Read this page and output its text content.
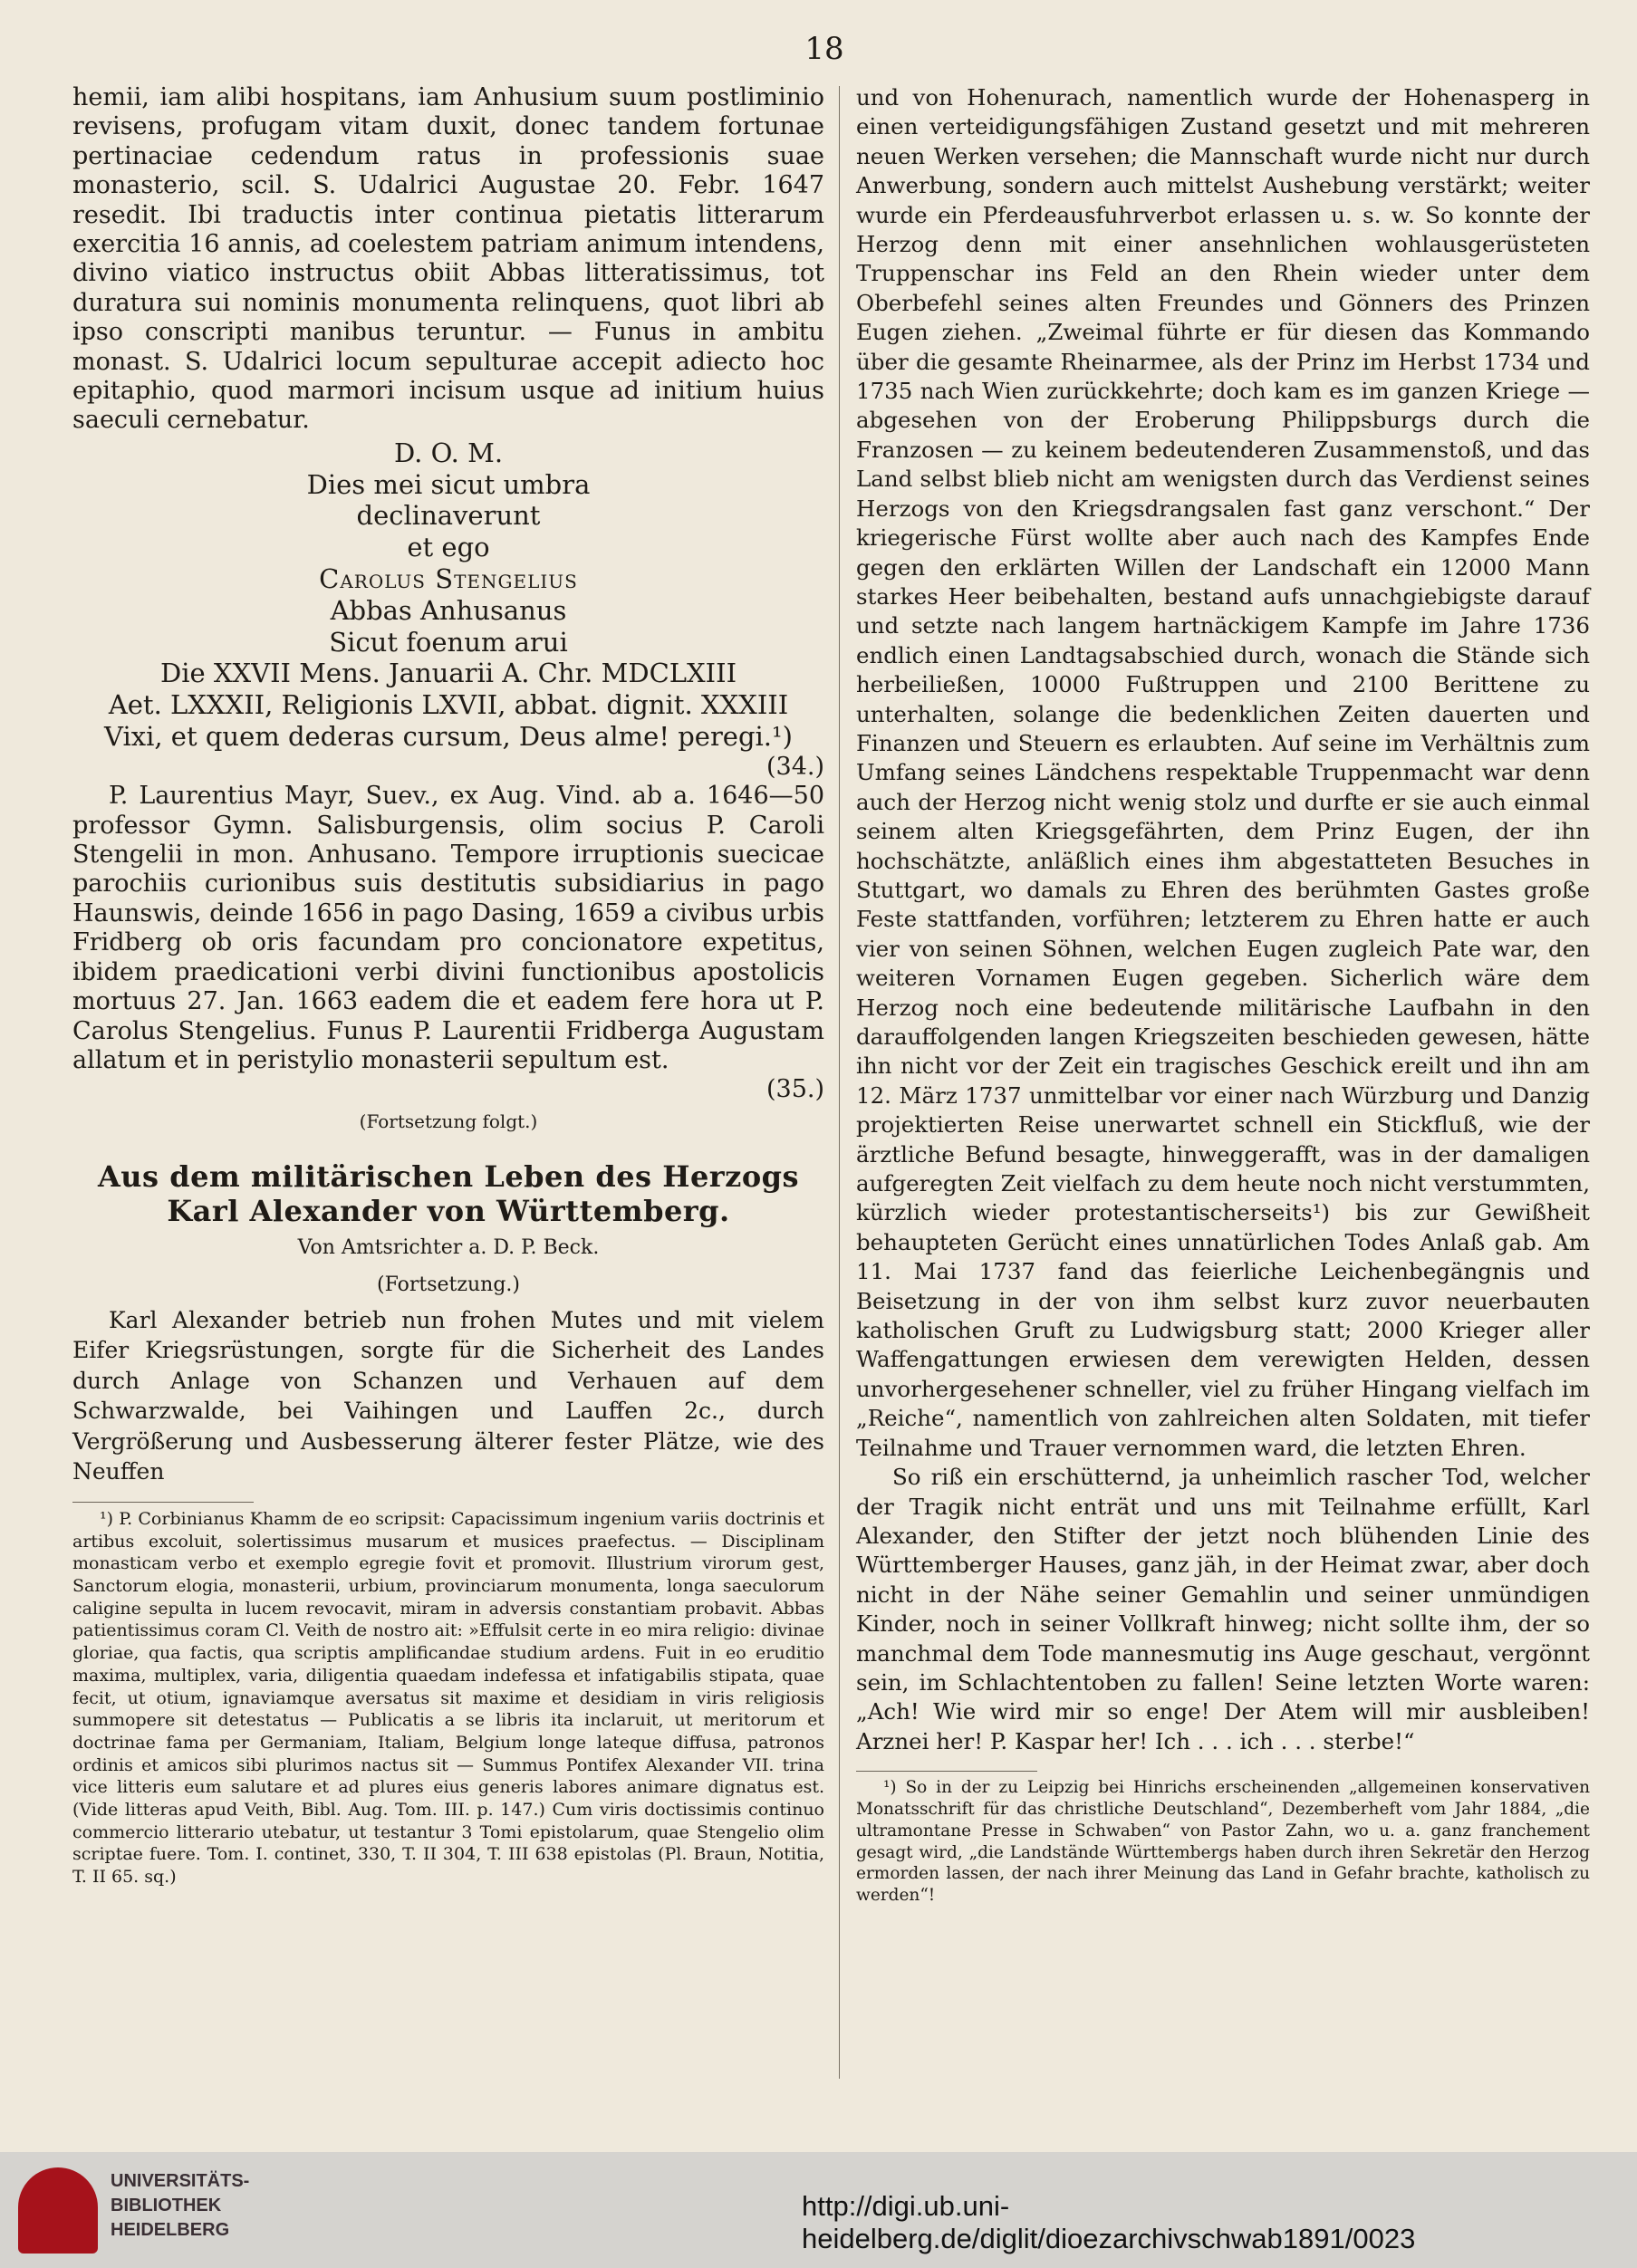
18

hemii, iam alibi hospitans, iam Anhusium suum postliminio revisens, profugam vitam duxit, donec tandem fortunae pertinaciae cedendum ratus in professionis suae monasterio, scil. S. Udalrici Augustae 20. Febr. 1647 resedit. Ibi traductis inter continua pietatis litterarum exercitia 16 annis, ad coelestem patriam animum intendens, divino viatico instructus obiit Abbas litteratissimus, tot duratura sui nominis monumenta relinquens, quot libri ab ipso conscripti manibus teruntur. — Funus in ambitu monast. S. Udalrici locum sepulturae accepit adiecto hoc epitaphio, quod marmori incisum usque ad initium huius saeculi cernebatur.

D. O. M.
Dies mei sicut umbra
declinaverunt
et ego
Carolus Stengelius
Abbas Anhusanus
Sicut foenum arui
Die XXVII Mens. Januarii A. Chr. MDCLXIII
Aet. LXXXII, Religionis LXVII, abbat. dignit. XXXIII
Vixi, et quem dederas cursum, Deus alme! peregi.¹)
(34.)

P. Laurentius Mayr, Suev., ex Aug. Vind. ab a. 1646—50 professor Gymn. Salisburgensis, olim socius P. Caroli Stengelii in mon. Anhusano. Tempore irruptionis suecicae parochiis curionibus suis destitutis subsidiarius in pago Haunswis, deinde 1656 in pago Dasing, 1659 a civibus urbis Fridberg ob oris facundam pro concionatore expetitus, ibidem praedicationi verbi divini functionibus apostolicis mortuus 27. Jan. 1663 eadem die et eadem fere hora ut P. Carolus Stengelius. Funus P. Laurentii Fridberga Augustam allatum et in peristylio monasterii sepultum est.

(35.)
(Fortsetzung folgt.)
Aus dem militärischen Leben des Herzogs Karl Alexander von Württemberg.
Von Amtsrichter a. D. P. Beck.
(Fortsetzung.)

Karl Alexander betrieb nun frohen Mutes und mit vielem Eifer Kriegsrüstungen, sorgte für die Sicherheit des Landes durch Anlage von Schanzen und Verhauen auf dem Schwarzwalde, bei Vaihingen und Lauffen 2c., durch Vergrößerung und Ausbesserung älterer fester Plätze, wie des Neuffen

¹) P. Corbinianus Khamm de eo scripsit: Capacissimum ingenium variis doctrinis et artibus excoluit, solertissimus musarum et musices praefectus. — Disciplinam monasticam verbo et exemplo egregie fovit et promovit. Illustrium virorum gest, Sanctorum elogia, monasterii, urbium, provinciarum monumenta, longa saeculorum caligine sepulta in lucem revocavit, miram in adversis constantiam probavit. Abbas patientissimus coram Cl. Veith de nostro ait: »Effulsit certe in eo mira religio: divinae gloriae, qua factis, qua scriptis amplificandae studium ardens. Fuit in eo eruditio maxima, multiplex, varia, diligentia quaedam indefessa et infatigabilis stipata, quae fecit, ut otium, ignaviamque aversatus sit maxime et desidiam in viris religiosis summopere sit detestatus — Publicatis a se libris ita inclaruit, ut meritorum et doctrinae fama per Germaniam, Italiam, Belgium longe lateque diffusa, patronos ordinis et amicos sibi plurimos nactus sit — Summus Pontifex Alexander VII. trina vice litteris eum salutare et ad plures eius generis labores animare dignatus est. (Vide litteras apud Veith, Bibl. Aug. Tom. III. p. 147.) Cum viris doctissimis continuo commercio litterario utebatur, ut testantur 3 Tomi epistolarum, quae Stengelio olim scriptae fuere. Tom. I. continet, 330, T. II 304, T. III 638 epistolas (Pl. Braun, Notitia, T. II 65. sq.)

und von Hohenurach, namentlich wurde der Hohenasperg in einen verteidigungsfähigen Zustand gesetzt und mit mehreren neuen Werken versehen; die Mannschaft wurde nicht nur durch Anwerbung, sondern auch mittelst Aushebung verstärkt; weiter wurde ein Pferdeausfuhrverbot erlassen u. s. w. So konnte der Herzog denn mit einer ansehnlichen wohlausgerüsteten Truppenschar ins Feld an den Rhein wieder unter dem Oberbefehl seines alten Freundes und Gönners des Prinzen Eugen ziehen. „Zweimal führte er für diesen das Kommando über die gesamte Rheinarmee, als der Prinz im Herbst 1734 und 1735 nach Wien zurückkehrte; doch kam es im ganzen Kriege — abgesehen von der Eroberung Philippsburgs durch die Franzosen — zu keinem bedeutenderen Zusammenstoß, und das Land selbst blieb nicht am wenigsten durch das Verdienst seines Herzogs von den Kriegsdrangsalen fast ganz verschont.“ Der kriegerische Fürst wollte aber auch nach des Kampfes Ende gegen den erklärten Willen der Landschaft ein 12000 Mann starkes Heer beibehalten, bestand aufs unnachgiebigste darauf und setzte nach langem hartnäckigem Kampfe im Jahre 1736 endlich einen Landtagsabschied durch, wonach die Stände sich herbeiließen, 10000 Fußtruppen und 2100 Berittene zu unterhalten, solange die bedenklichen Zeiten dauerten und Finanzen und Steuern es erlaubten. Auf seine im Verhältnis zum Umfang seines Ländchens respektable Truppenmacht war denn auch der Herzog nicht wenig stolz und durfte er sie auch einmal seinem alten Kriegsgefährten, dem Prinz Eugen, der ihn hochschätzte, anläßlich eines ihm abgestatteten Besuches in Stuttgart, wo damals zu Ehren des berühmten Gastes große Feste stattfanden, vorführen; letzterem zu Ehren hatte er auch vier von seinen Söhnen, welchen Eugen zugleich Pate war, den weiteren Vornamen Eugen gegeben. Sicherlich wäre dem Herzog noch eine bedeutende militärische Laufbahn in den darauffolgenden langen Kriegszeiten beschieden gewesen, hätte ihn nicht vor der Zeit ein tragisches Geschick ereilt und ihn am 12. März 1737 unmittelbar vor einer nach Würzburg und Danzig projektierten Reise unerwartet schnell ein Stickfluß, wie der ärztliche Befund besagte, hinweggerafft, was in der damaligen aufgeregten Zeit vielfach zu dem heute noch nicht verstummten, kürzlich wieder protestantischerseits¹) bis zur Gewißheit behaupteten Gerücht eines unnatürlichen Todes Anlaß gab. Am 11. Mai 1737 fand das feierliche Leichenbegängnis und Beisetzung in der von ihm selbst kurz zuvor neuerbauten katholischen Gruft zu Ludwigsburg statt; 2000 Krieger aller Waffengattungen erwiesen dem verewigten Helden, dessen unvorhergesehener schneller, viel zu früher Hingang vielfach im „Reiche“, namentlich von zahlreichen alten Soldaten, mit tiefer Teilnahme und Trauer vernommen ward, die letzten Ehren.

So riß ein erschütternd, ja unheimlich rascher Tod, welcher der Tragik nicht enträt und uns mit Teilnahme erfüllt, Karl Alexander, den Stifter der jetzt noch blühenden Linie des Württemberger Hauses, ganz jäh, in der Heimat zwar, aber doch nicht in der Nähe seiner Gemahlin und seiner unmündigen Kinder, noch in seiner Vollkraft hinweg; nicht sollte ihm, der so manchmal dem Tode mannesmutig ins Auge geschaut, vergönnt sein, im Schlachtentoben zu fallen! Seine letzten Worte waren: „Ach! Wie wird mir so enge! Der Atem will mir ausbleiben! Arznei her! P. Kaspar her! Ich . . . ich . . . sterbe!“

¹) So in der zu Leipzig bei Hinrichs erscheinenden „allgemeinen konservativen Monatsschrift für das christliche Deutschland“, Dezemberheft vom Jahr 1884, „die ultramontane Presse in Schwaben“ von Pastor Zahn, wo u. a. ganz franchement gesagt wird, „die Landstände Württembergs haben durch ihren Sekretär den Herzog ermorden lassen, der nach ihrer Meinung das Land in Gefahr brachte, katholisch zu werden“!

UNIVERSITÄTS-
BIBLIOTHEK
HEIDELBERG
http://digi.ub.uni-heidelberg.de/diglit/dioezarchivschwab1891/0023
